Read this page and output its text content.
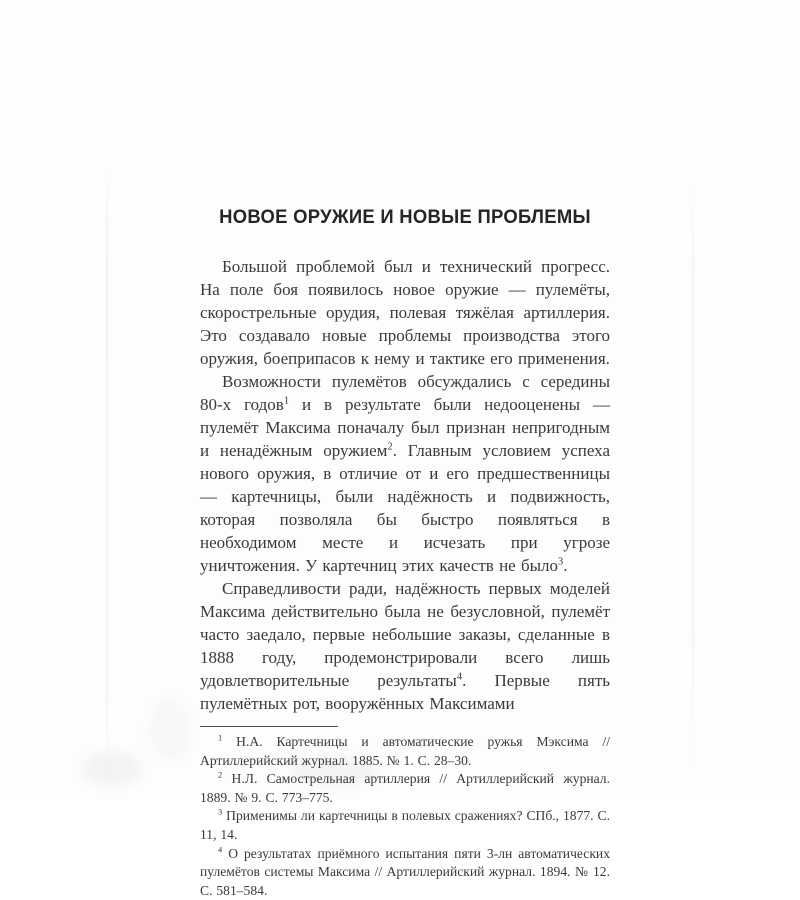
НОВОЕ ОРУЖИЕ И НОВЫЕ ПРОБЛЕМЫ

Большой проблемой был и технический прогресс. На поле боя появилось новое оружие — пулемёты, скорострельные орудия, полевая тяжёлая артиллерия. Это создавало новые проблемы производства этого оружия, боеприпасов к нему и тактике его применения.

Возможности пулемётов обсуждались с середины 80-х годов$^1$ и в результате были недооценены — пулемёт Максима поначалу был признан непригодным и ненадёжным оружием$^2$. Главным условием успеха нового оружия, в отличие от и его предшественницы — картечницы, были надёжность и подвижность, которая позволяла бы быстро появляться в необходимом месте и исчезать при угрозе уничтожения. У картечниц этих качеств не было$^3$.

Справедливости ради, надёжность первых моделей Максима действительно была не безусловной, пулемёт часто заедало, первые небольшие заказы, сделанные в 1888 году, продемонстрировали всего лишь удовлетворительные результаты$^4$. Первые пять пулемётных рот, вооружённых Максимами

$^1$ Н.А. Картечницы и автоматические ружья Мэксима // Артиллерийский журнал. 1885. № 1. С. 28–30.

$^2$ Н.Л. Самострельная артиллерия // Артиллерийский журнал. 1889. № 9. С. 773–775.

$^3$ Применимы ли картечницы в полевых сражениях? СПб., 1877. С. 11, 14.

$^4$ О результатах приёмного испытания пяти 3-лн автоматических пулемётов системы Максима // Артиллерийский журнал. 1894. № 12. С. 581–584.
